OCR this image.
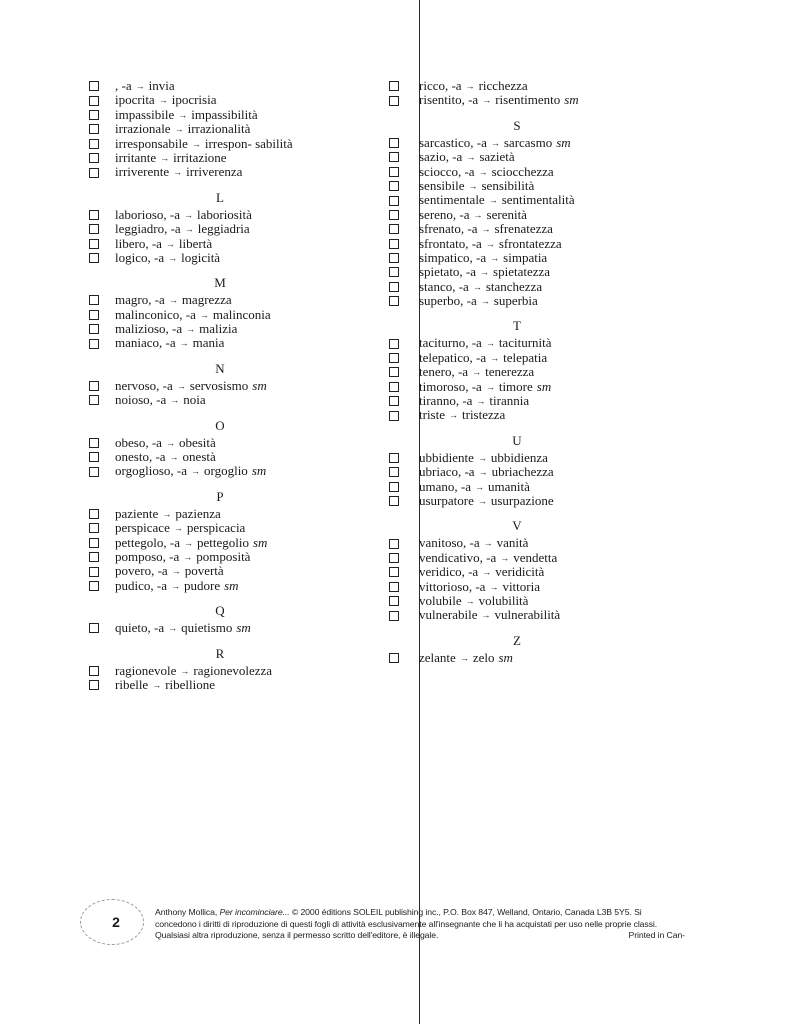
, -a → invia
ipocrita → ipocrisia
impassibile → impassibilità
irrazionale → irrazionalità
irresponsabile → irrespon- sabilità
irritante → irritazione
irriverente → irriverenza
L
laborioso, -a → laboriosità
leggiadro, -a → leggiadria
libero, -a → libertà
logico, -a → logicità
M
magro, -a → magrezza
malinconico, -a → malinconia
malizioso, -a → malizia
maniaco, -a → mania
N
nervoso, -a → servosismo sm
noioso, -a → noia
O
obeso, -a → obesità
onesto, -a → onestà
orgoglioso, -a → orgoglio sm
P
paziente → pazienza
perspicace → perspicacia
pettegolo, -a → pettegolio sm
pomposo, -a → pomposità
povero, -a → povertà
pudico, -a → pudore sm
Q
quieto, -a → quietismo sm
R
ragionevole → ragionevolezza
ribelle → ribellione
ricco, -a → ricchezza
risentito, -a → risentimento sm
S
sarcastico, -a → sarcasmo sm
sazio, -a → sazietà
sciocco, -a → sciocchezza
sensibile → sensibilità
sentimentale → sentimentalità
sereno, -a → serenità
sfrenato, -a → sfrenatezza
sfrontato, -a → sfrontatezza
simpatico, -a → simpatia
spietato, -a → spietatezza
stanco, -a → stanchezza
superbo, -a → superbia
T
taciturno, -a → taciturnità
telepatico, -a → telepatia
tenero, -a → tenerezza
timoroso, -a → timore sm
tiranno, -a → tirannia
triste → tristezza
U
ubbidiente → ubbidienza
ubriaco, -a → ubriachezza
umano, -a → umanità
usurpatore → usurpazione
V
vanitoso, -a → vanità
vendicativo, -a → vendetta
veridico, -a → veridicità
vittorioso, -a → vittoria
volubile → volubilità
vulnerabile → vulnerabilità
Z
zelante → zelo sm
2
Anthony Mollica, Per incominciare... © 2000 éditions SOLEIL publishing inc., P.O. Box 847, Welland, Ontario, Canada L3B 5Y5. Si
concedono i diritti di riproduzione di questi fogli di attività esclusivamente all'insegnante che li ha acquistati per uso nelle proprie classi.
Qualsiasi altra riproduzione, senza il permesso scritto dell'editore, è illegale.	Printed in Can-
